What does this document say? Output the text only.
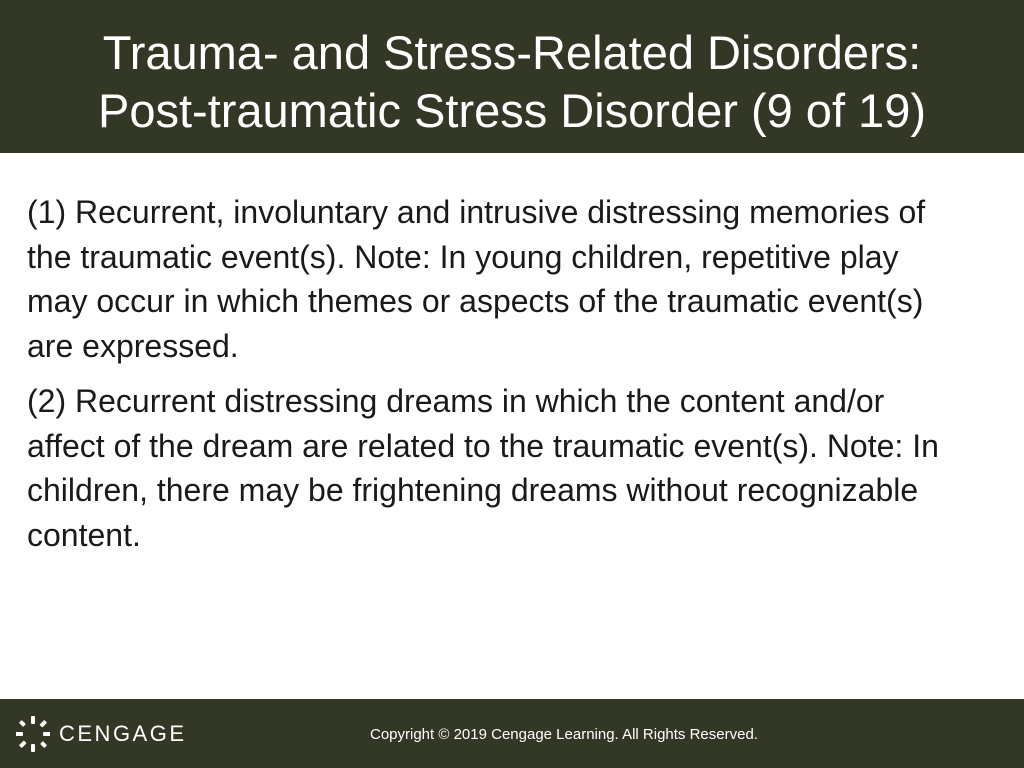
Trauma- and Stress-Related Disorders:
Post-traumatic Stress Disorder (9 of 19)

(1) Recurrent, involuntary and intrusive distressing memories of the traumatic event(s). Note: In young children, repetitive play may occur in which themes or aspects of the traumatic event(s) are expressed.

(2) Recurrent distressing dreams in which the content and/or affect of the dream are related to the traumatic event(s). Note: In children, there may be frightening dreams without recognizable content.

CENGAGE	Copyright © 2019 Cengage Learning. All Rights Reserved.
